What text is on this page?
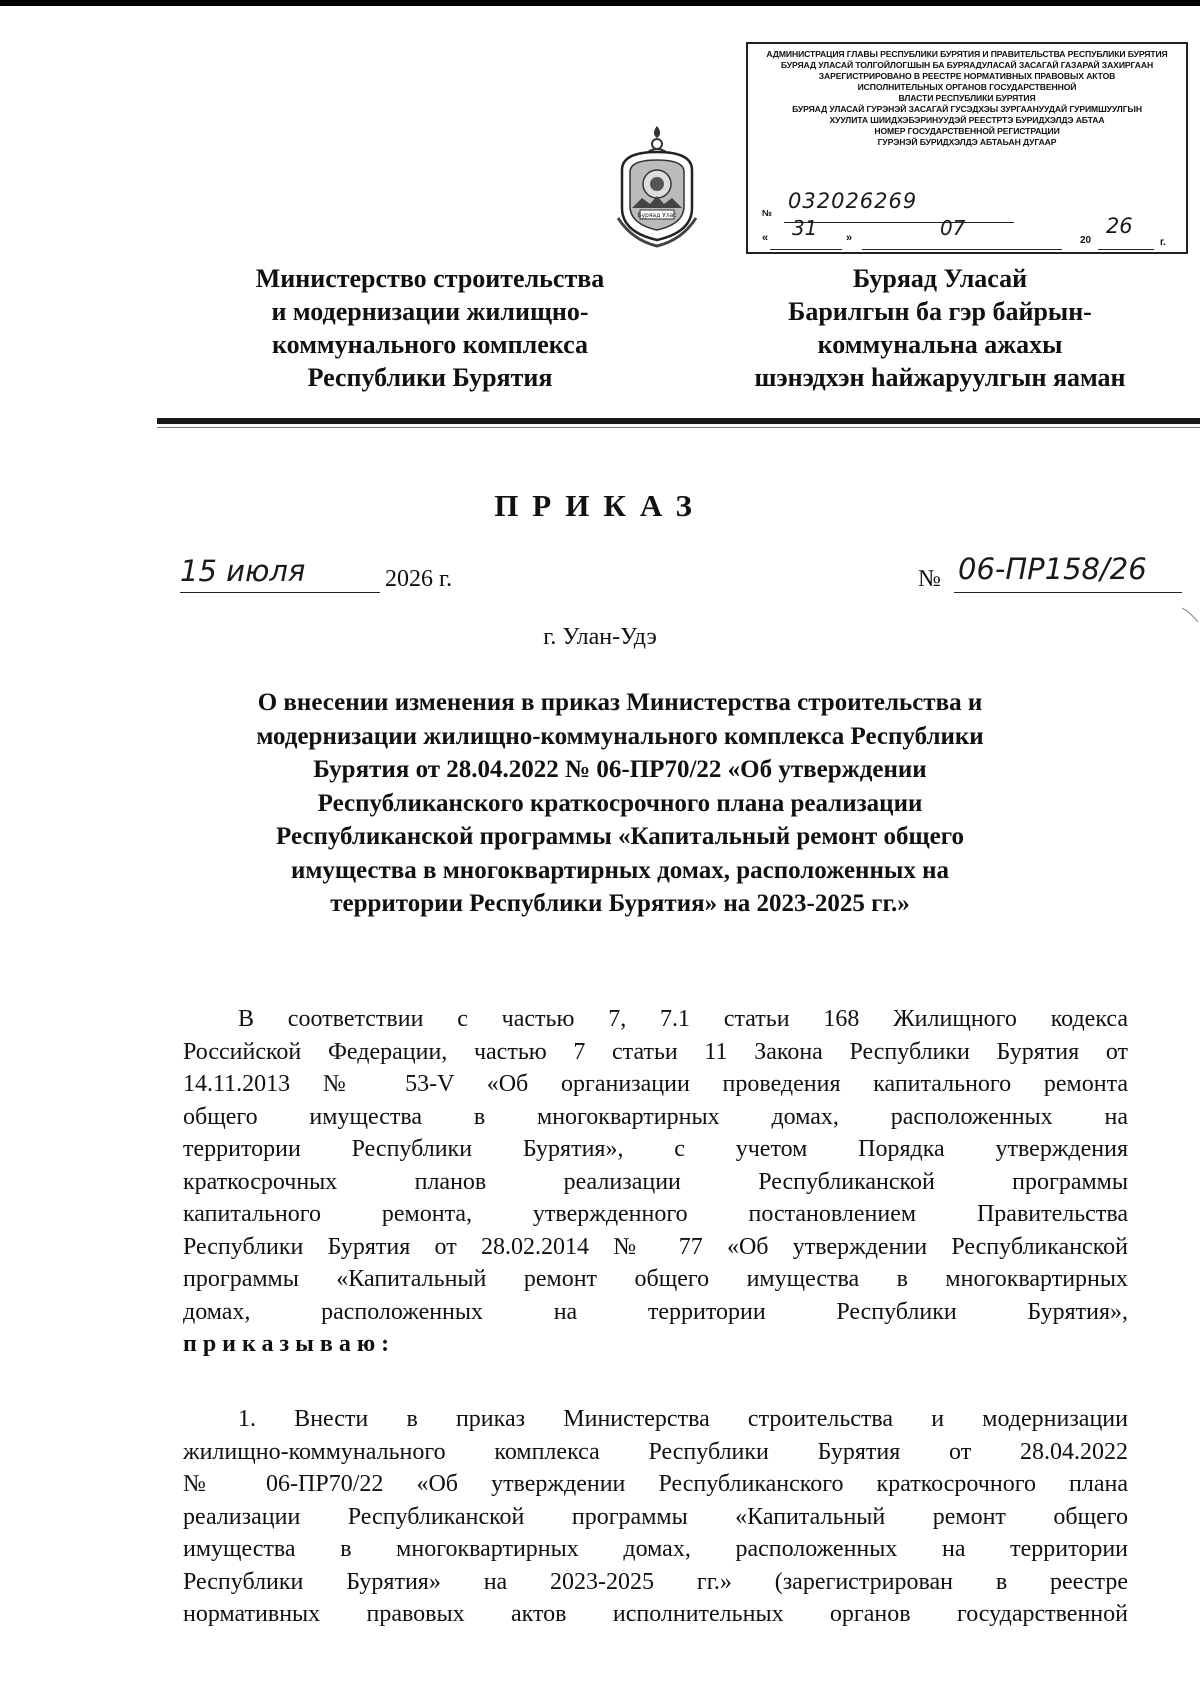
АДМИНИСТРАЦИЯ ГЛАВЫ РЕСПУБЛИКИ БУРЯТИЯ И ПРАВИТЕЛЬСТВА РЕСПУБЛИКИ БУРЯТИЯ
БУРЯАД УЛАСАЙ ТОЛГОЙЛОГШЫН БА БУРЯАДУЛАСАЙ ЗАСАГАЙ ГАЗАРАЙ ЗАХИРГААН
ЗАРЕГИСТРИРОВАНО В РЕЕСТРЕ НОРМАТИВНЫХ ПРАВОВЫХ АКТОВ
ИСПОЛНИТЕЛЬНЫХ ОРГАНОВ ГОСУДАРСТВЕННОЙ
ВЛАСТИ РЕСПУБЛИКИ БУРЯТИЯ
БУРЯАД УЛАСАЙ ГУРЭНЭЙ ЗАСАГАЙ ГУСЭДХЭЫ ЗУРГААНУУДАЙ ГУРИМШУУЛГЫН
ХУУЛИТА ШИИДХЭБЭРИНУУДЭЙ РЕЕСТРТЭ БУРИДХЭЛДЭ АБТАА
НОМЕР ГОСУДАРСТВЕННОЙ РЕГИСТРАЦИИ
ГУРЭНЭЙ БУРИДХЭЛДЭ АБТАЬАН ДУГААР
№ 032026269
« 31	»	07
20
26
г.
Буряад Улас
Министерство строительства
и модернизации жилищно-
коммунального комплекса
Республики Бурятия
Буряад Уласай
Барилгын ба гэр байрын-
коммунальна ажахы
шэнэдхэн һайжаруулгын яаман
ПРИКАЗ
15 июля	2026 г.	№ 06-ПР158/26
г. Улан-Удэ
О внесении изменения в приказ Министерства строительства и
модернизации жилищно-коммунального комплекса Республики
Бурятия от 28.04.2022 № 06-ПР70/22 «Об утверждении
Республиканского краткосрочного плана реализации
Республиканской программы «Капитальный ремонт общего
имущества в многоквартирных домах, расположенных на
территории Республики Бурятия» на 2023-2025 гг.»
В соответствии с частью 7, 7.1 статьи 168 Жилищного кодекса
Российской Федерации, частью 7 статьи 11 Закона Республики Бурятия от
14.11.2013 № 53-V «Об организации проведения капитального ремонта
общего имущества в многоквартирных домах, расположенных на
территории Республики Бурятия», с учетом Порядка утверждения
краткосрочных планов реализации Республиканской программы
капитального ремонта, утвержденного постановлением Правительства
Республики Бурятия от 28.02.2014 № 77 «Об утверждении Республиканской
программы «Капитальный ремонт общего имущества в многоквартирных
домах, расположенных на территории Республики Бурятия»,
приказываю:
1. Внести в приказ Министерства строительства и модернизации
жилищно-коммунального комплекса Республики Бурятия от 28.04.2022
№ 06-ПР70/22 «Об утверждении Республиканского краткосрочного плана
реализации Республиканской программы «Капитальный ремонт общего
имущества в многоквартирных домах, расположенных на территории
Республики Бурятия» на 2023-2025 гг.» (зарегистрирован в реестре
нормативных правовых актов исполнительных органов государственной
